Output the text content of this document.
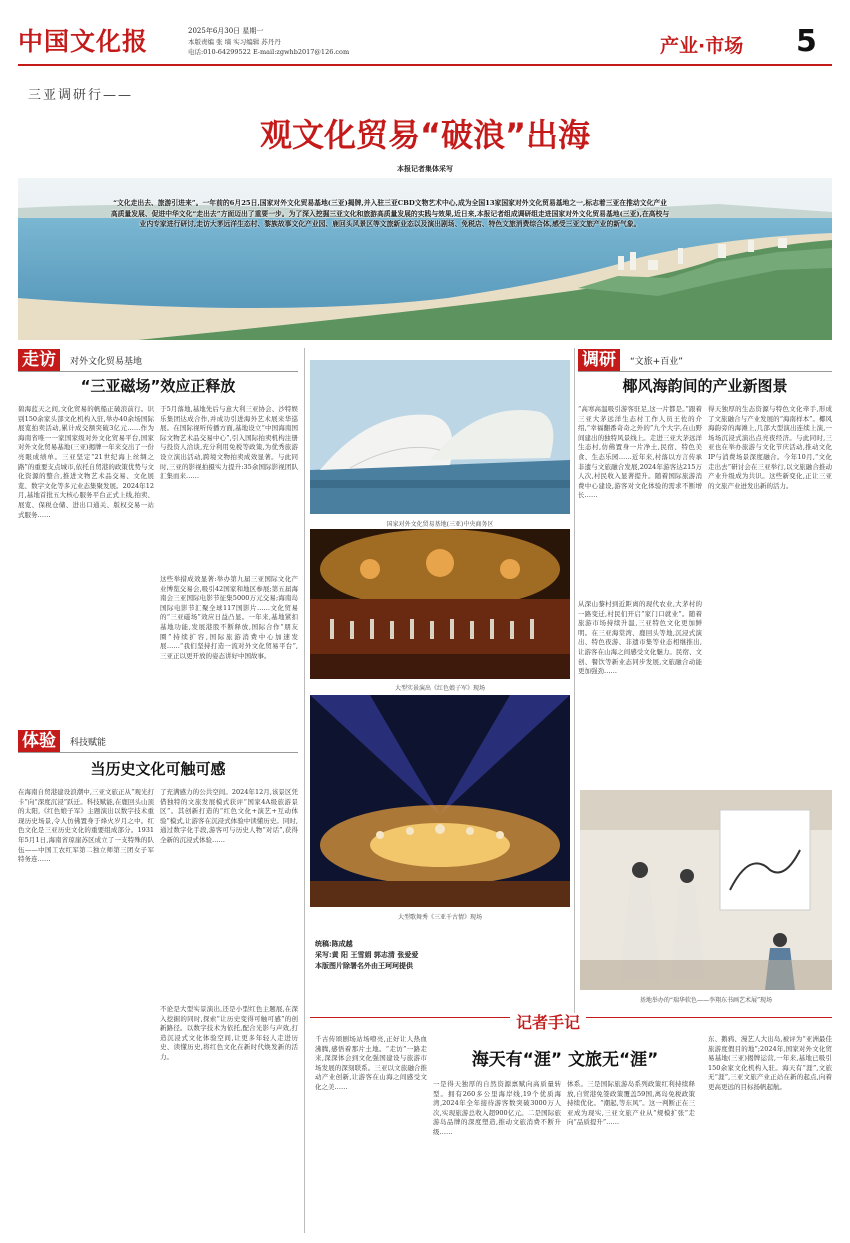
中国文化报	2025年6月30日 星期一
本版责编 张 墒 实习编辑 苏丹丹
电话:010-64299522 E-mail:zgwhb2017@126.com	产业·市场 5
三亚调研行——
观文化贸易“破浪”出海
本报记者集体采写
“文化走出去、旅游引进来”。一年前的6月25日,国家对外文化贸易基地(三亚)揭牌,并入驻三亚CBD文物艺术中心,成为全国13家国家对外文化贸易基地之一,标志着三亚在推动文化产业高质量发展、促进中华文化“走出去”方面迈出了重要一步。为了深入挖掘三亚文化和旅游高质量发展的实践与效果,近日来,本报记者组成调研组走进国家对外文化贸易基地(三亚),在高校与业内专家进行研讨,走访大茅远洋生态村、黎族故事文化产业园、鹿回头风景区等文旅新业态以及演出剧场、免税店、特色文旅消费综合体,感受三亚文旅产业的新气象。
走访	对外文化贸易基地
“三亚磁场”效应正释放
碧海蓝天之间,文化贸易的帆船正破浪前行。识别150余家头部文化机构入驻,举办40余场国际展览拍卖活动,累计成交额突破3亿元……作为海南省唯一一家国家级对外文化贸易平台,国家对外文化贸易基地(三亚)揭牌一年来交出了一份亮眼成绩单。三亚坚定“21世纪海上丝绸之路”的重要支点城市,依托自贸港的政策优势与文化资源的整合,推进文物艺术品交易、文化展览、数字文化等多元业态集聚发展。2024年12月,基地首批五大核心服务平台正式上线,拍卖、展览、保税仓储、进出口通关、版权交易一站式服务……
于5月落地,基地先后与意大利三亚协会、沙特娱乐集团达成合作,并成功引进海外艺术展来华巡展。在国际视听传播方面,基地设立“中国海南国际文物艺术品交易中心”,引入国际拍卖机构注册与投资人洽谈,充分利用免税等政策,为优秀旅游设立演出活动,跨境文物拍卖成效显著。与此同时,三亚的影视拍摄实力提升:35余国际影视团队汇集而来……
这些举措成效显著:举办第九届三亚国际文化产业博览交易会,吸引42国家和地区参展;第五届海南会三亚国际电影节征集5000万元交易;海南岛国际电影节汇聚全球117国影片……文化贸易的“三亚磁场”效应日益凸显。一年来,基地紧扣基地功能,发展港股不断释放,国际合作“朋友圈”持续扩容,国际旅游消费中心加速发展……“我们坚持打造一流对外文化贸易平台”,三亚正以更开放的姿态讲好中国故事。
国家对外文化贸易基地(三亚)中央商务区
大型实景演出《红色娘子军》现场
大型歌舞秀《三亚千古情》现场
统稿:陈成越
采写:黄 阳 王雪娟 郭志清 张爱爱
本版图片除署名外由王珂珂提供
调研	“文旅+百业”
椰风海韵间的产业新图景
“高寒高温吸引游客驻足,这一片都是。”跟着三亚大茅远洋生态村工作人员王佐的介绍,“幸福翻番奇奇之外的”九个大字,在山野间建出的独特风景线上。走进三亚大茅远洋生态村,仿佛置身一片净土,民宿、特色美食、生态乐园……近年来,村落以方言传承非遗与文旅融合发展,2024年游客达215万人次,村民收入显著提升。随着国际旅游消费中心建设,游客对文化体验的需求不断增长……
从深山黎村到近距离的现代农业,大茅村的一路变迁,村民们开启“家门口就业”。随着旅游市场持续升温,三亚特色文化更加鲜明。在三亚海棠湾、鹿回头等地,沉浸式演出、特色夜游、非遗市集等业态相继推出,让游客在山海之间感受文化魅力。民宿、文创、餐饮等新业态同步发展,文旅融合动能更加强劲……
得天独厚的生态资源与特色文化牵手,形成了文旅融合与产业发展的“海南样本”。椰风海韵旁的海滩上,几部大型演出连续上演,一场场沉浸式演出点亮夜经济。与此同时,三亚也在举办旅游与文化节庆活动,推动文化IP与消费场景深度融合。今年10月,“文化走出去”研讨会在三亚举行,以文旅融合推动产业升级成为共识。这些新变化,正让三亚的文旅产业迸发出新的活力。
基地举办的“瑞华软色——李翔东书画艺术展”现场
体验	科技赋能
当历史文化可触可感
在海南自贸港建设浪潮中,三亚文旅正从“观光打卡”向“深度沉浸”跃迁。科技赋能,在鹿回头山顶的太阳,《红色娘子军》主题演出以数字技术重现历史场景,令人仿佛置身于烽火岁月之中。红色文化是三亚历史文化的重要组成部分。1931年5月1日,海南省琼崖苏区成立了一支特殊的队伍——中国工农红军第二独立师第三团女子军特务连……
了充满感力的公共空间。2024年12月,该景区凭借独特的文旅发展模式获评“国家4A级旅游景区”。其创新打造的“红色文化+演艺+互动体验”模式,让游客在沉浸式体验中读懂历史。同时,通过数字化手段,游客可与历史人物“对话”,获得全新的沉浸式体验……
不论是大型实景演出,还是小型红色主题展,在深入挖掘的同时,探索“让历史变得可触可感”的创新路径。以数字技术为依托,配合光影与声效,打造沉浸式文化体验空间,让更多年轻人走进历史、读懂历史,将红色文化在新时代焕发新的活力。
记者手记
千古传颂剧场站场嘹亮,正好让人热血沸腾,感悟着那片土地。“走访”一路走来,深深体会到文化强国建设与旅游市场发展的深刻联系。三亚以文旅融合推动产业创新,让游客在山海之间感受文化之美……
海天有“涯” 文旅无“涯”
一是得天独厚的自然资源禀赋向高质量转型。拥有260多公里海岸线,19个优质海湾,2024年全年接待游客数突破3000万人次,实现旅游总收入超900亿元。二是国际旅游岛品牌的深度塑造,推动文旅消费不断升级……
体系。三是国际旅游岛系列政策红利持续释放,自贸港免签政策覆盖59国,离岛免税政策持续优化。“潮起,等东风”。这一判断正在三亚成为现实,三亚文旅产业从“规模扩张”走向“品质提升”……
东、鹅鸦、漫艺人大出岛,被评为“亚洲最佳旅游度假目的地”;2024年,国家对外文化贸易基地(三亚)揭牌运营,一年来,基地已吸引150余家文化机构入驻。海天有“涯”,文旅无“涯”,三亚文旅产业正站在新的起点,向着更高更远的目标扬帆起航。
